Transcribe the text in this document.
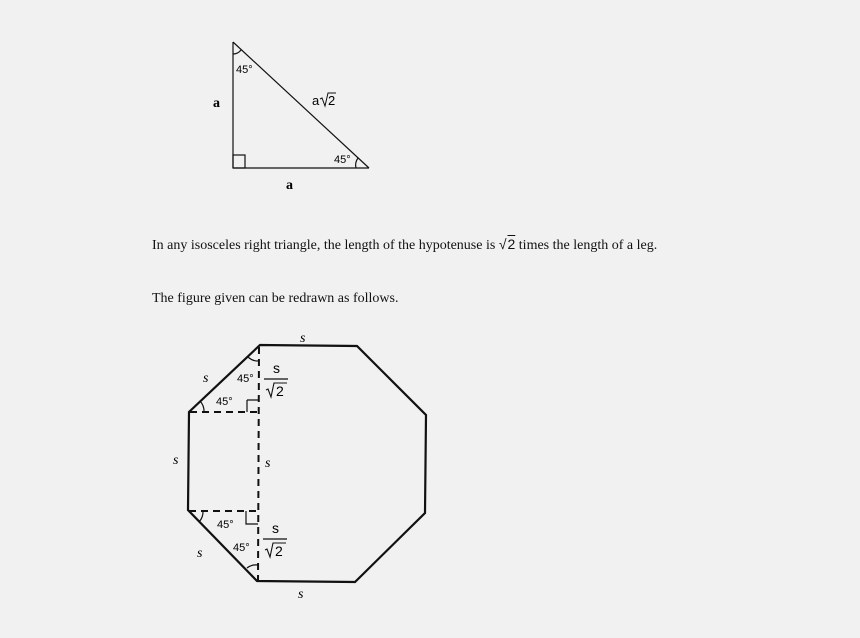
a
a
45°
45°
a 2
s
s
s
s
s
s
45°
45°
45°
45°
s
2
s
2

In any isosceles right triangle, the length of the hypotenuse is √2 times the length of a leg.

The figure given can be redrawn as follows.
